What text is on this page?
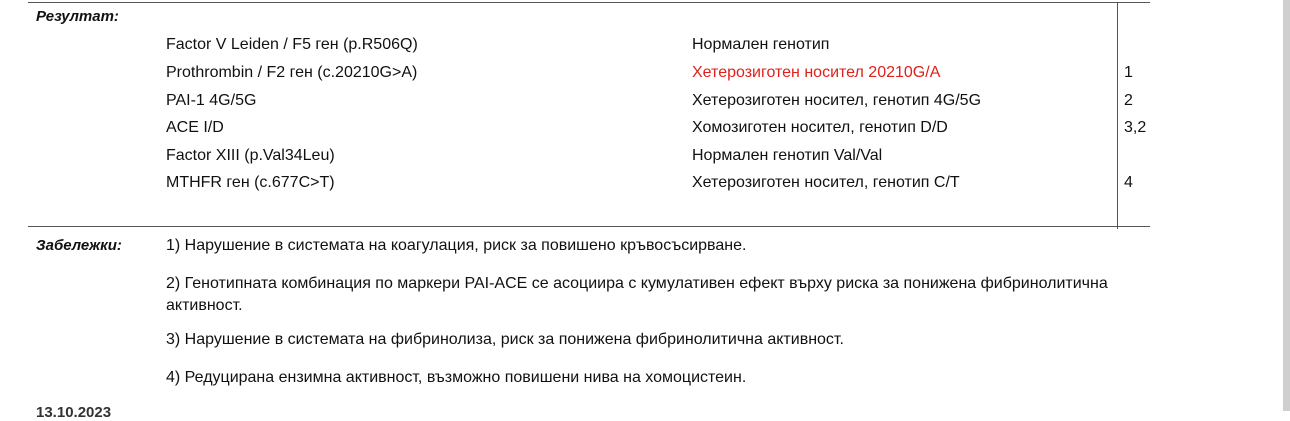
Резултат:
Factor V Leiden / F5 ген (p.R506Q)	Нормален генотип
Prothrombin / F2 ген (c.20210G>A)	Хетерозиготен носител 20210G/A	1
PAI-1 4G/5G	Хетерозиготен носител, генотип 4G/5G	2
ACE I/D	Хомозиготен носител, генотип D/D	3,2
Factor XIII (p.Val34Leu)	Нормален генотип Val/Val
MTHFR ген (c.677C>T)	Хетерозиготен носител, генотип C/T	4
Забележки:	1) Нарушение в системата на коагулация, риск за повишено кръвосъсирване.
2) Генотипната комбинация по маркери PAI-ACE се асоциира с кумулативен ефект върху риска за понижена фибринолитична активност.
3) Нарушение в системата на фибринолиза, риск за понижена фибринолитична активност.
4) Редуцирана ензимна активност, възможно повишени нива на хомоцистеин.
13.10.2023
